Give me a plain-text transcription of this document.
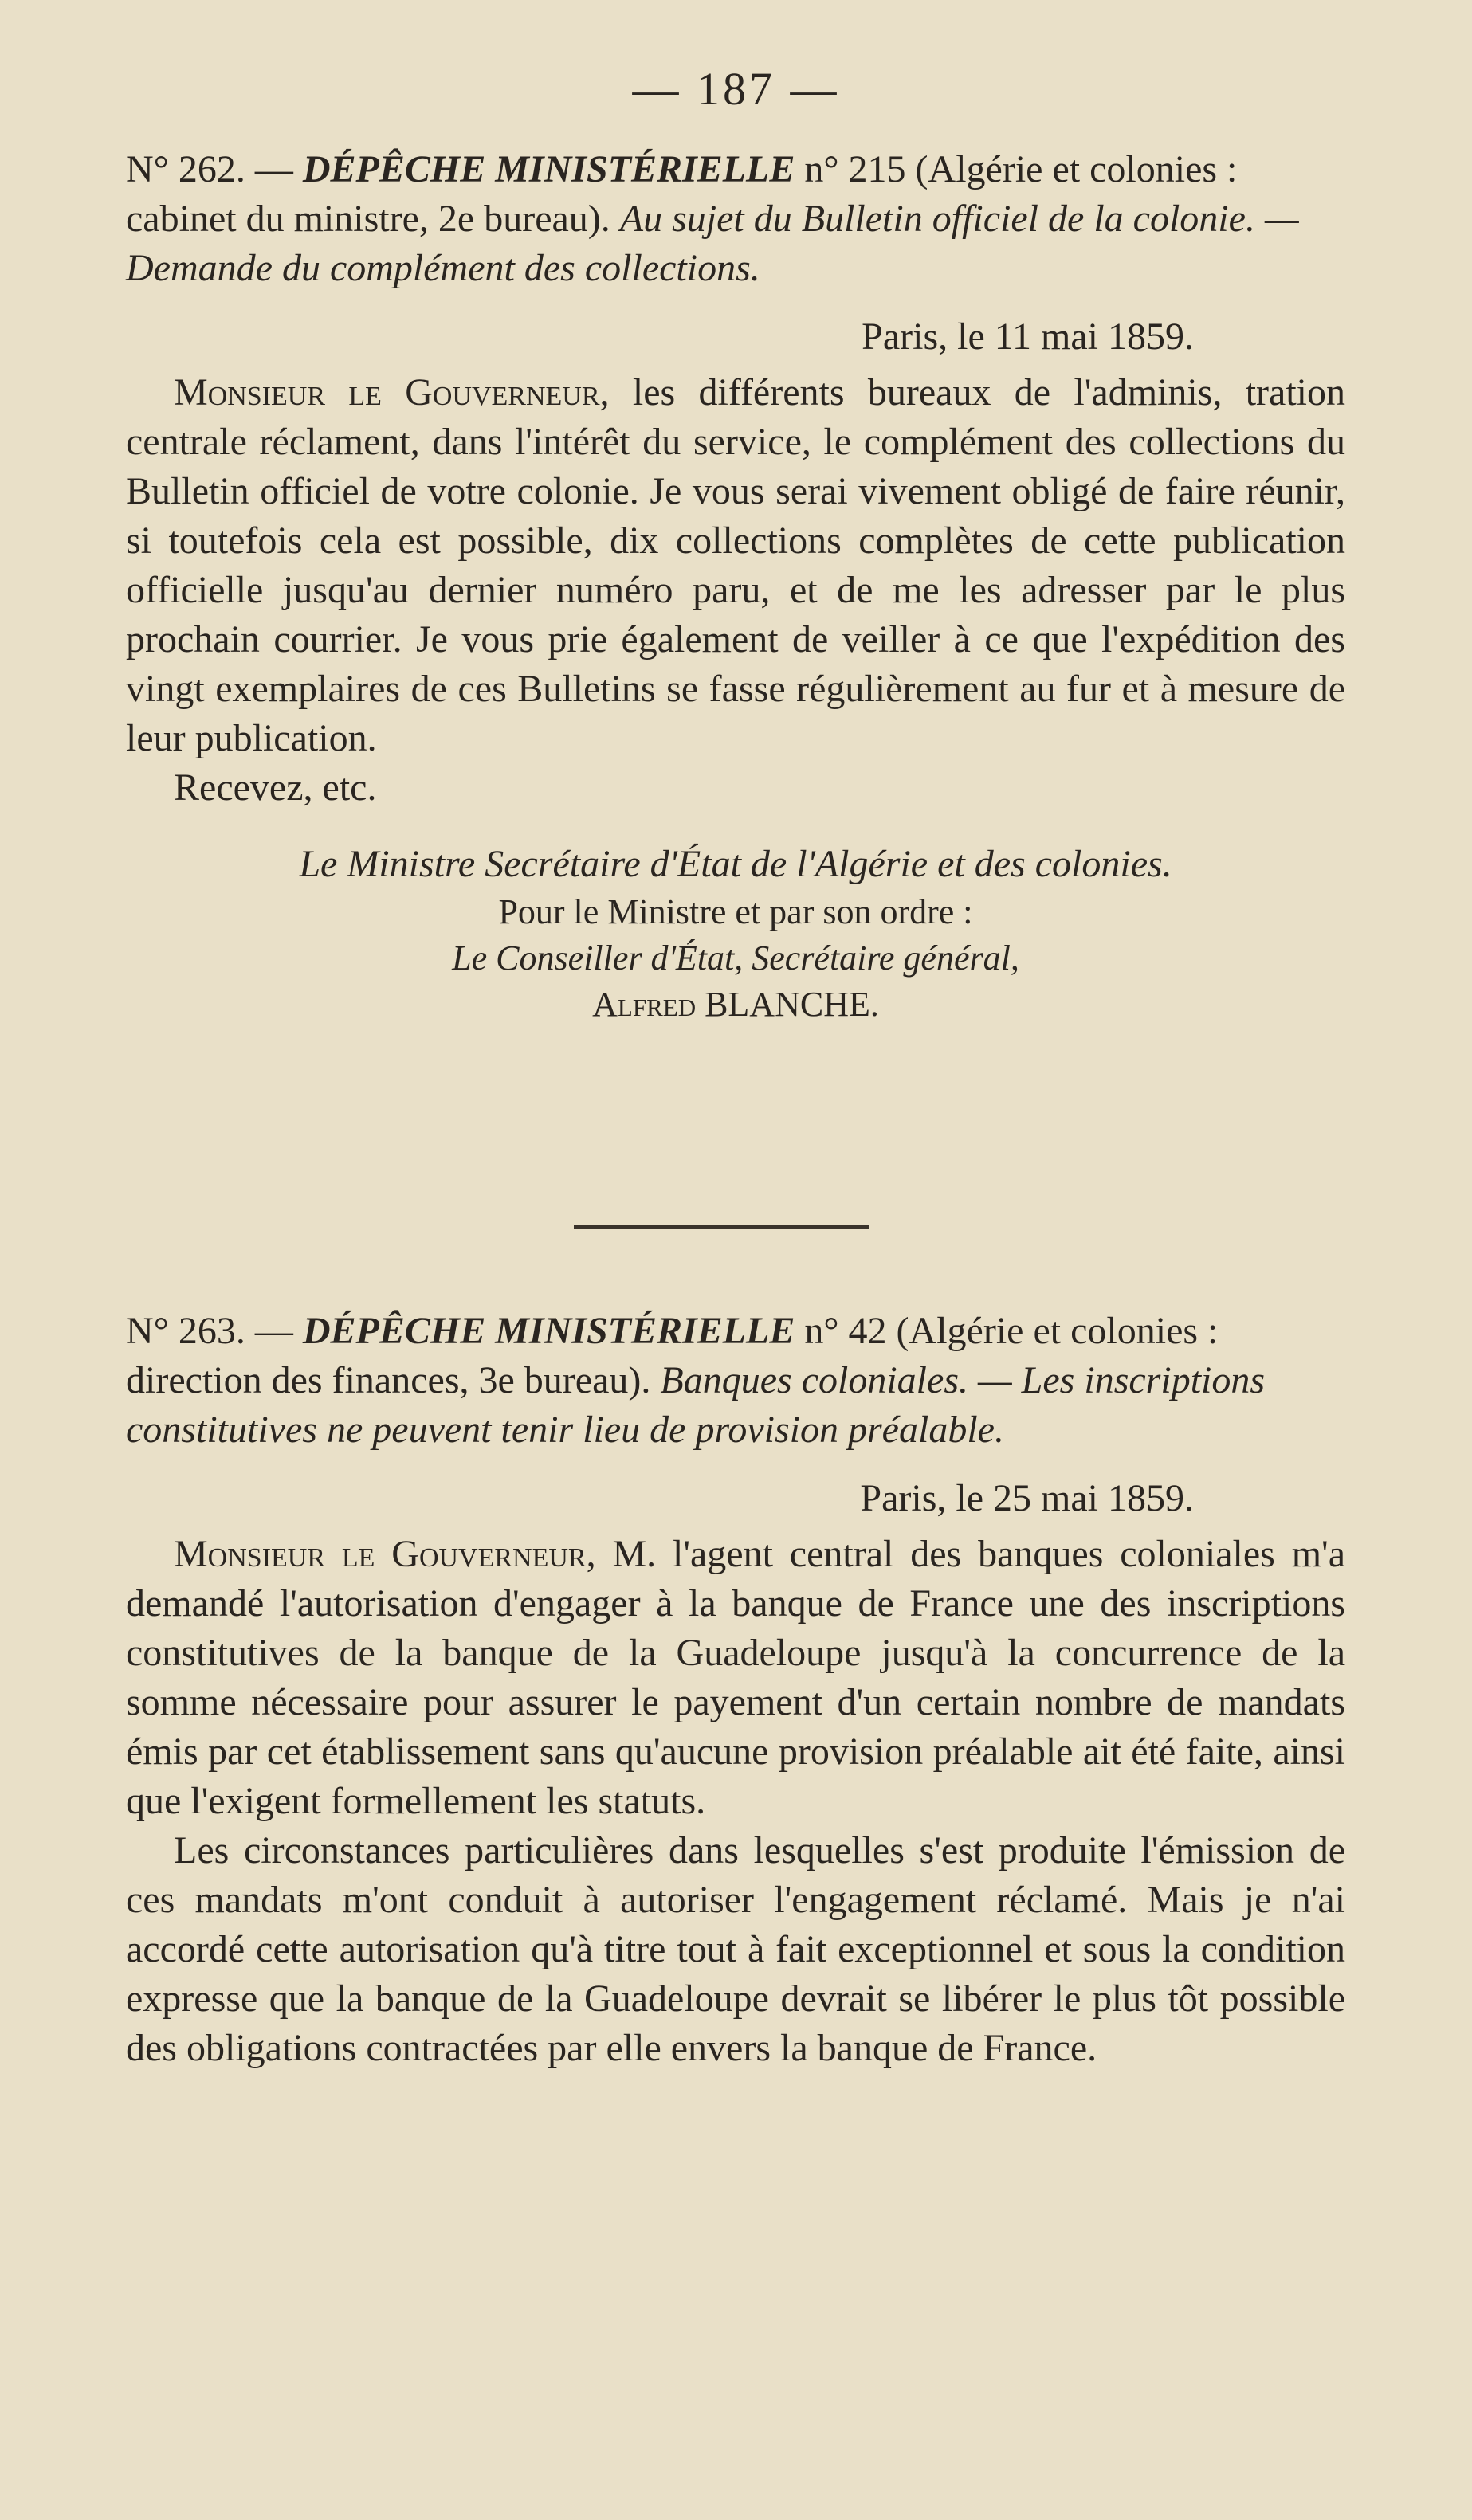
— 187 —

N° 262. — DÉPÊCHE MINISTÉRIELLE n° 215 (Algérie et colonies : cabinet du ministre, 2e bureau). Au sujet du Bulletin officiel de la colonie. — Demande du complément des collections.

Paris, le 11 mai 1859.

Monsieur le Gouverneur, les différents bureaux de l'adminis, tration centrale réclament, dans l'intérêt du service, le complément des collections du Bulletin officiel de votre colonie. Je vous serai vivement obligé de faire réunir, si toutefois cela est possible, dix collections complètes de cette publication officielle jusqu'au dernier numéro paru, et de me les adresser par le plus prochain courrier. Je vous prie également de veiller à ce que l'expédition des vingt exemplaires de ces Bulletins se fasse régulièrement au fur et à mesure de leur publication.

Recevez, etc.

Le Ministre Secrétaire d'État de l'Algérie et des colonies.

Pour le Ministre et par son ordre :

Le Conseiller d'État, Secrétaire général,

Alfred BLANCHE.

N° 263. — DÉPÊCHE MINISTÉRIELLE n° 42 (Algérie et colonies : direction des finances, 3e bureau). Banques coloniales. — Les inscriptions constitutives ne peuvent tenir lieu de provision préalable.

Paris, le 25 mai 1859.

Monsieur le Gouverneur, M. l'agent central des banques coloniales m'a demandé l'autorisation d'engager à la banque de France une des inscriptions constitutives de la banque de la Guadeloupe jusqu'à la concurrence de la somme nécessaire pour assurer le payement d'un certain nombre de mandats émis par cet établissement sans qu'aucune provision préalable ait été faite, ainsi que l'exigent formellement les statuts.

Les circonstances particulières dans lesquelles s'est produite l'émission de ces mandats m'ont conduit à autoriser l'engagement réclamé. Mais je n'ai accordé cette autorisation qu'à titre tout à fait exceptionnel et sous la condition expresse que la banque de la Guadeloupe devrait se libérer le plus tôt possible des obligations contractées par elle envers la banque de France.
